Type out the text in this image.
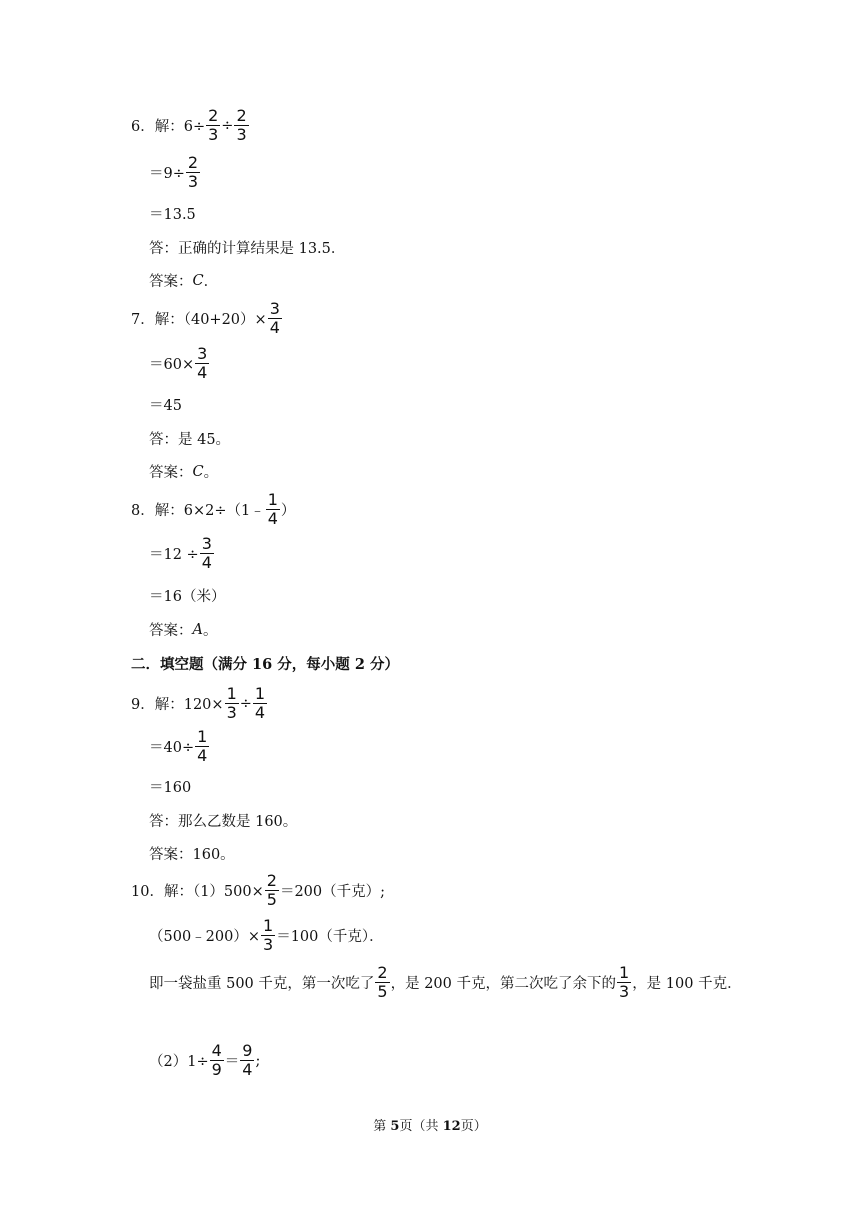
6．解：$6\div \frac{2}{3} \div \frac{2}{3}$
$=9\div \frac{2}{3}$
＝13.5
答：正确的计算结果是 13.5．
答案： C ．
7．解：$(40+20)\times \frac{3}{4}$
$=60\times \frac{3}{4}$
＝45
答：是 45。
答案： C 。
8．解：6×2÷（1﹣ $\frac{1}{4}$ ）
$=12 \div \frac{3}{4}$
＝16（米）
答案： A 。
二．填空题（满分 16 分，每小题 2 分）
9．解：$120\times \frac{1}{3} \div \frac{1}{4}$
$=40\div \frac{1}{4}$
＝160
答：那么乙数是 160。
答案：160。
10．解：$(1)500\times \frac{2}{5} =200$（千克）;
（500﹣200）× $\frac{1}{3} =100$（千克）．
即一袋盐重 500 千克，第一次吃了 $\frac{2}{5}$ ，是 200 千克，第二次吃了余下的 $\frac{1}{3}$ ，是 100 千克．
$(2)1\div \frac{4}{9} = \frac{9}{4}$ ;
第 5页（共 12页）
